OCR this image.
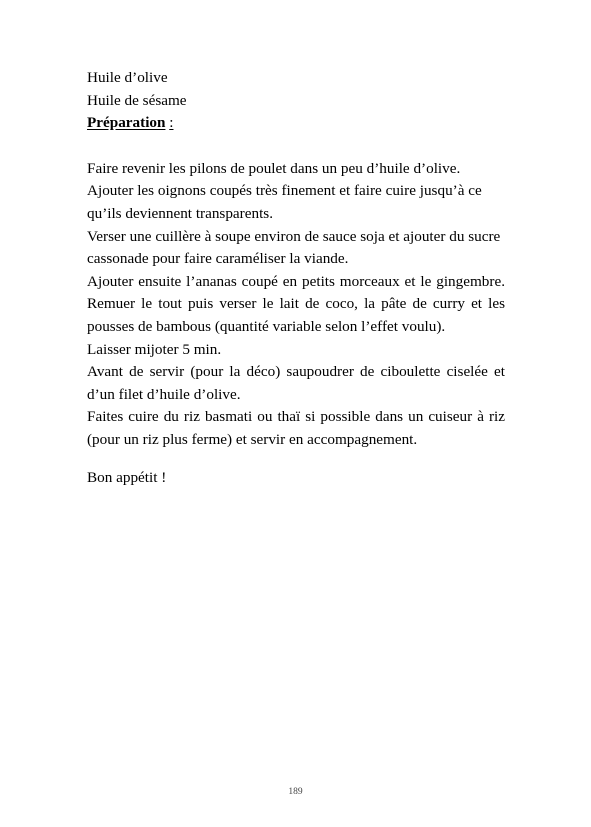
Huile d’olive

Huile de sésame

Préparation :

Faire revenir les pilons de poulet dans un peu d’huile d’olive.

Ajouter les oignons coupés très finement et faire cuire jusqu’à ce qu’ils deviennent transparents.

Verser une cuillère à soupe environ de sauce soja et ajouter du sucre cassonade pour faire caraméliser la viande.

Ajouter ensuite l’ananas coupé en petits morceaux et le gingembre. Remuer le tout puis verser le lait de coco, la pâte de curry et les pousses de bambous (quantité variable selon l’effet voulu).

Laisser mijoter 5 min.

Avant de servir (pour la déco) saupoudrer de ciboulette ciselée et d’un filet d’huile d’olive.

Faites cuire du riz basmati ou thaï si possible dans un cuiseur à riz (pour un riz plus ferme) et servir en accompagnement.

Bon appétit !

189
